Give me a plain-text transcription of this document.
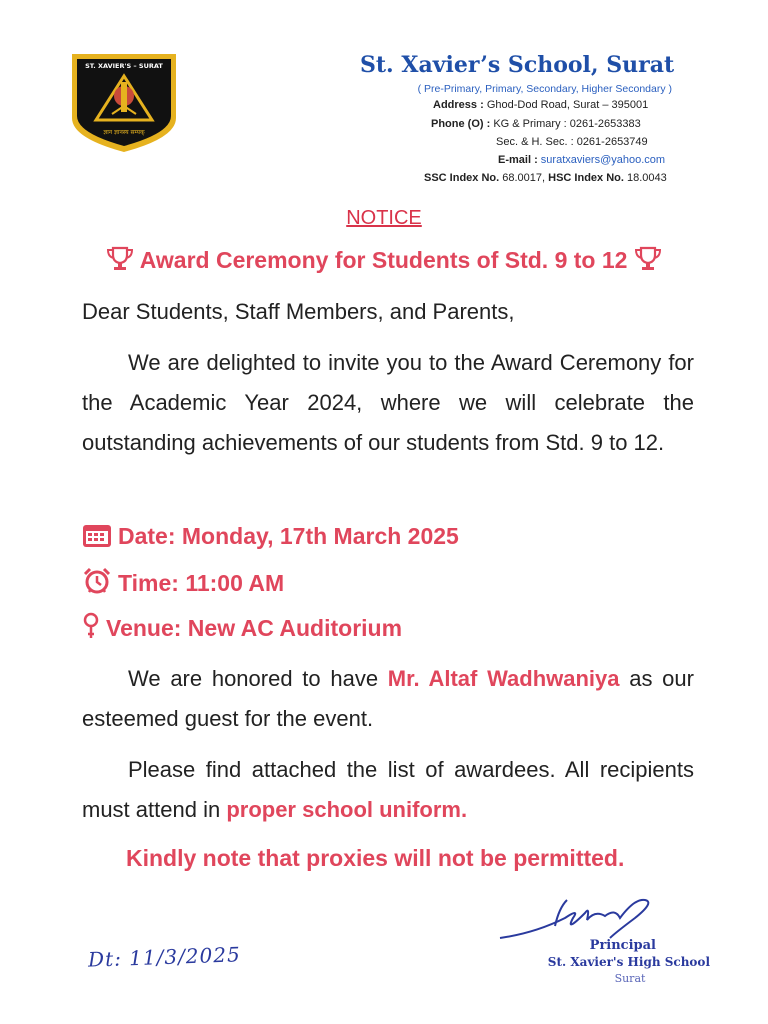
ST. XAVIER'S – SURAT
ज्ञान ज्ञानस्य सम्यक्
St. Xavier’s School, Surat
( Pre-Primary, Primary, Secondary, Higher Secondary )
Address : Ghod-Dod Road, Surat – 395001
Phone (O) : KG & Primary : 0261-2653383
Sec. & H. Sec. : 0261-2653749
E-mail : suratxaviers@yahoo.com
SSC Index No. 68.0017, HSC Index No. 18.0043
NOTICE
Award Ceremony for Students of Std. 9 to 12
Dear Students, Staff Members, and Parents,
We are delighted to invite you to the Award Ceremony for the Academic Year 2024, where we will celebrate the outstanding achievements of our students from Std. 9 to 12.
Date: Monday, 17th March 2025
Time: 11:00 AM
Venue: New AC Auditorium
We are honored to have Mr. Altaf Wadhwaniya as our esteemed guest for the event.
Please find attached the list of awardees. All recipients must attend in proper school uniform.
Kindly note that proxies will not be permitted.
Principal
St. Xavier's High School
Surat
Dt: 11/3/2025
